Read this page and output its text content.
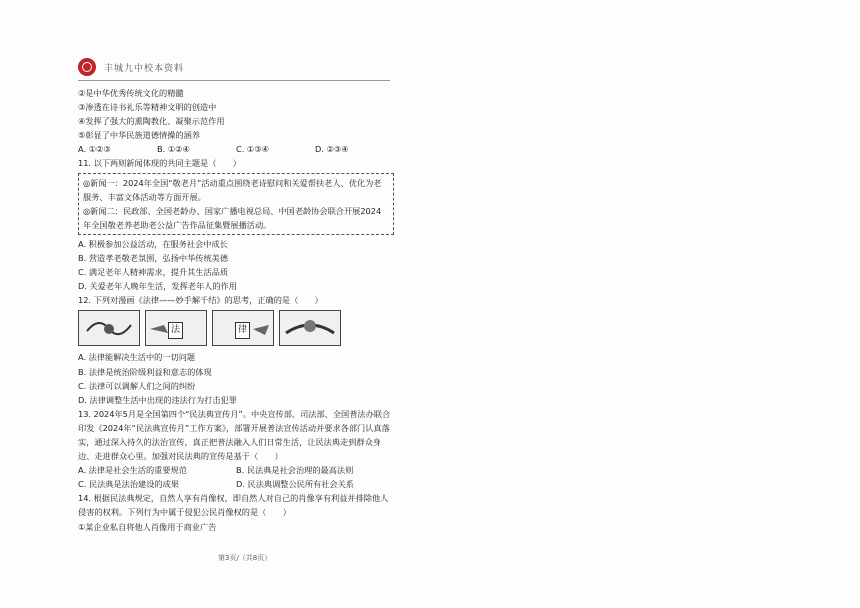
丰城九中校本资料
②是中华优秀传统文化的精髓
③渗透在诗书礼乐等精神文明的创造中
④发挥了强大的熏陶教化、凝聚示范作用
⑤彰显了中华民族道德情操的涵养
A. ①②③	B. ①②④	C. ①③④	D. ②③④
11. 以下两则新闻体现的共同主题是（　　）
◎新闻一：2024年全国“敬老月”活动重点围绕老诗慰问和关爱帮扶老人、优化为老服务、丰富文体活动等方面开展。
◎新闻二：民政部、全国老龄办、国家广播电视总局、中国老龄协会联合开展2024年全国敬老养老助老公益广告作品征集暨展播活动。
A. 积极参加公益活动，在服务社会中成长
B. 营造孝老敬老氛围，弘扬中华传统美德
C. 满足老年人精神需求，提升其生活品质
D. 关爱老年人晚年生活，发挥老年人的作用
12. 下列对漫画《法律——妙手解千结》的思考，正确的是（　　）
法	律
A. 法律能解决生活中的一切问题
B. 法律是统治阶级利益和意志的体现
C. 法律可以调解人们之间的纠纷
D. 法律调整生活中出现的违法行为打击犯罪
13. 2024年5月是全国第四个“民法典宣传月”。中央宣传部、司法部、全国普法办联合印发《2024年“民法典宣传月”工作方案》，部署开展普法宣传活动并要求各部门认真落实，通过深入持久的法治宣传，真正把普法融入人们日常生活，让民法典走到群众身边、走进群众心里。加强对民法典的宣传是基于（　　）
A. 法律是社会生活的重要规范	B. 民法典是社会治理的最高法则
C. 民法典是法治建设的成果	D. 民法典调整公民所有社会关系
14. 根据民法典规定，自然人享有肖像权，即自然人对自己的肖像享有利益并排除他人侵害的权利。下列行为中属于侵犯公民肖像权的是（　　）
①某企业私自将他人肖像用于商业广告
第3页/（共8页）
